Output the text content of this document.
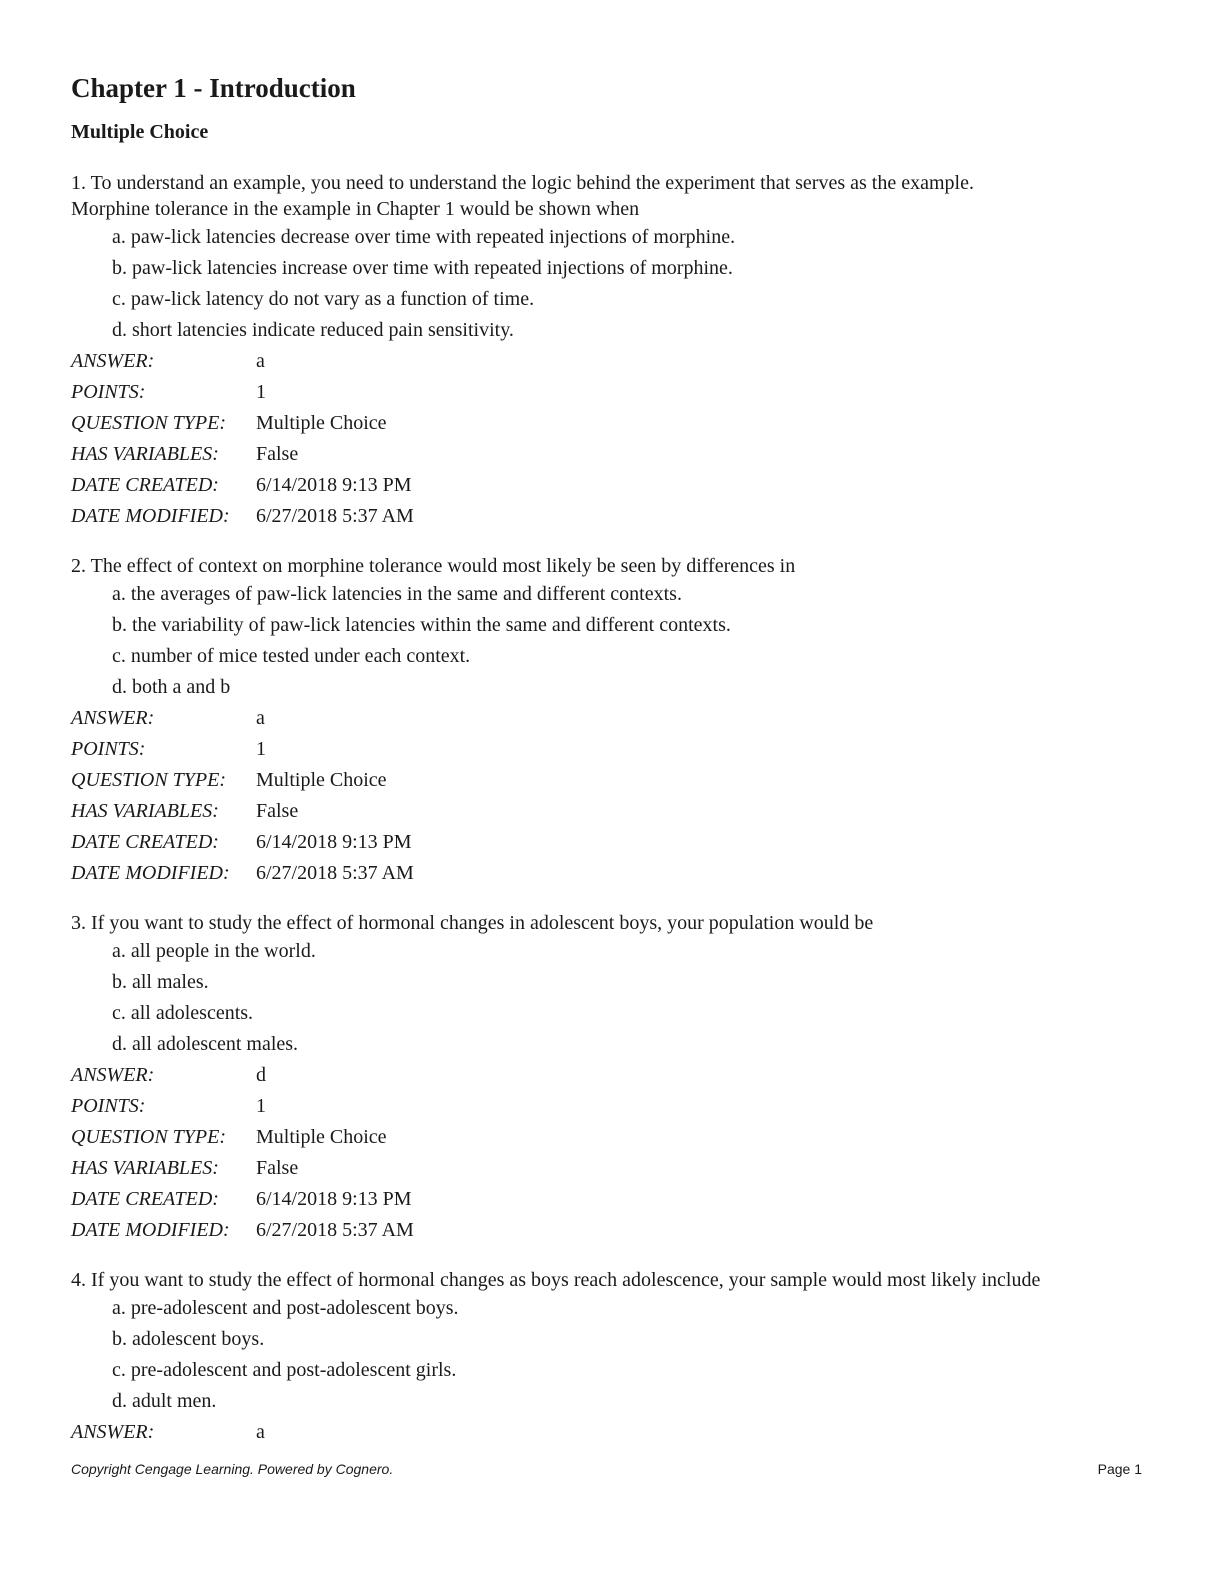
Chapter 1 - Introduction
Multiple Choice

1. To understand an example, you need to understand the logic behind the experiment that serves as the example.
Morphine tolerance in the example in Chapter 1 would be shown when

a. paw-lick latencies decrease over time with repeated injections of morphine.
b. paw-lick latencies increase over time with repeated injections of morphine.
c. paw-lick latency do not vary as a function of time.
d. short latencies indicate reduced pain sensitivity.
ANSWER:	a
POINTS:	1
QUESTION TYPE:	Multiple Choice
HAS VARIABLES:	False
DATE CREATED:	6/14/2018 9:13 PM
DATE MODIFIED:	6/27/2018 5:37 AM

2. The effect of context on morphine tolerance would most likely be seen by differences in

a. the averages of paw-lick latencies in the same and different contexts.
b. the variability of paw-lick latencies within the same and different contexts.
c. number of mice tested under each context.
d. both a and b
ANSWER:	a
POINTS:	1
QUESTION TYPE:	Multiple Choice
HAS VARIABLES:	False
DATE CREATED:	6/14/2018 9:13 PM
DATE MODIFIED:	6/27/2018 5:37 AM

3. If you want to study the effect of hormonal changes in adolescent boys, your population would be

a. all people in the world.
b. all males.
c. all adolescents.
d. all adolescent males.
ANSWER:	d
POINTS:	1
QUESTION TYPE:	Multiple Choice
HAS VARIABLES:	False
DATE CREATED:	6/14/2018 9:13 PM
DATE MODIFIED:	6/27/2018 5:37 AM

4. If you want to study the effect of hormonal changes as boys reach adolescence, your sample would most likely include

a. pre-adolescent and post-adolescent boys.
b. adolescent boys.
c. pre-adolescent and post-adolescent girls.
d. adult men.
ANSWER:	a
Copyright Cengage Learning. Powered by Cognero.	Page 1
